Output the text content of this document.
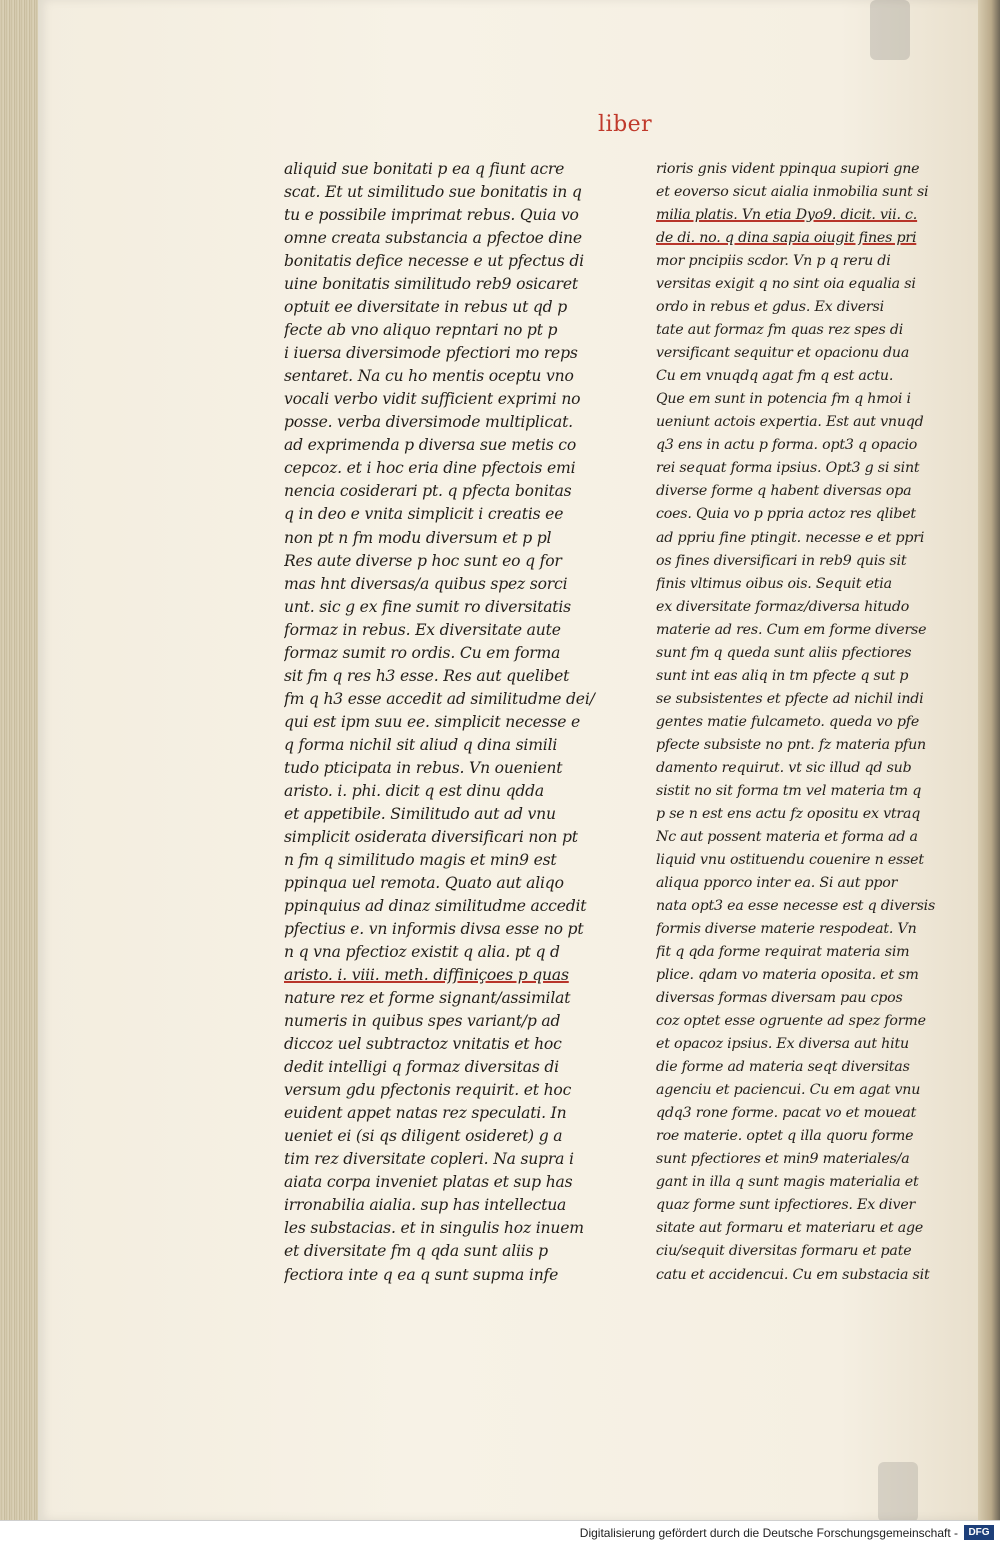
liber
aliquid sue bonitati p ea q fiunt acre
scat. Et ut similitudo sue bonitatis in q
tu e possibile imprimat rebus. Quia vo
omne creata substancia a pfectoe dine
bonitatis defice necesse e ut pfectus di
uine bonitatis similitudo reb9 osicaret
optuit ee diversitate in rebus ut qd p
fecte ab vno aliquo repntari no pt p
i iuersa diversimode pfectiori mo reps
sentaret. Na cu ho mentis oceptu vno
vocali verbo vidit sufficient exprimi no
posse. verba diversimode multiplicat.
ad exprimenda p diversa sue metis co
cepcoz. et i hoc eria dine pfectois emi
nencia cosiderari pt. q pfecta bonitas
q in deo e vnita simplicit i creatis ee
non pt n fm modu diversum et p pl
Res aute diverse p hoc sunt eo q for
mas hnt diversas/a quibus spez sorci
unt. sic g ex fine sumit ro diversitatis
formaz in rebus. Ex diversitate aute
formaz sumit ro ordis. Cu em forma
sit fm q res h3 esse. Res aut quelibet
fm q h3 esse accedit ad similitudme dei/
qui est ipm suu ee. simplicit necesse e
q forma nichil sit aliud q dina simili
tudo pticipata in rebus. Vn ouenient
aristo. i. phi. dicit q est dinu qdda
et appetibile. Similitudo aut ad vnu
simplicit osiderata diversificari non pt
n fm q similitudo magis et min9 est
ppinqua uel remota. Quato aut aliqo
ppinquius ad dinaz similitudme accedit
pfectius e. vn informis divsa esse no pt
n q vna pfectioz existit q alia. pt q d
aristo. i. viii. meth. diffiniçoes p quas
nature rez et forme signant/assimilat
numeris in quibus spes variant/p ad
diccoz uel subtractoz vnitatis et hoc
dedit intelligi q formaz diversitas di
versum gdu pfectonis requirit. et hoc
euident appet natas rez speculati. In
ueniet ei (si qs diligent osideret) g a
tim rez diversitate copleri. Na supra i
aiata corpa inveniet platas et sup has
irronabilia aialia. sup has intellectua
les substacias. et in singulis hoz inuem
et diversitate fm q qda sunt aliis p
fectiora inte q ea q sunt supma infe
rioris gnis vident ppinqua supiori gne
et eoverso sicut aialia inmobilia sunt si
milia platis. Vn etia Dyo9. dicit. vii. c.
de di. no. q dina sapia oiugit fines pri
mor pncipiis scdor. Vn p q reru di
versitas exigit q no sint oia equalia si
ordo in rebus et gdus. Ex diversi
tate aut formaz fm quas rez spes di
versificant sequitur et opacionu dua
Cu em vnuqdq agat fm q est actu.
Que em sunt in potencia fm q hmoi i
ueniunt actois expertia. Est aut vnuqd
q3 ens in actu p forma. opt3 q opacio
rei sequat forma ipsius. Opt3 g si sint
diverse forme q habent diversas opa
coes. Quia vo p ppria actoz res qlibet
ad ppriu fine ptingit. necesse e et ppri
os fines diversificari in reb9 quis sit
finis vltimus oibus ois. Sequit etia
ex diversitate formaz/diversa hitudo
materie ad res. Cum em forme diverse
sunt fm q queda sunt aliis pfectiores
sunt int eas aliq in tm pfecte q sut p
se subsistentes et pfecte ad nichil indi
gentes matie fulcameto. queda vo pfe
pfecte subsiste no pnt. fz materia pfun
damento requirut. vt sic illud qd sub
sistit no sit forma tm vel materia tm q
p se n est ens actu fz opositu ex vtraq
Nc aut possent materia et forma ad a
liquid vnu ostituendu couenire n esset
aliqua pporco inter ea. Si aut ppor
nata opt3 ea esse necesse est q diversis
formis diverse materie respodeat. Vn
fit q qda forme requirat materia sim
plice. qdam vo materia oposita. et sm
diversas formas diversam pau cpos
coz optet esse ogruente ad spez forme
et opacoz ipsius. Ex diversa aut hitu
die forme ad materia seqt diversitas
agenciu et paciencui. Cu em agat vnu
qdq3 rone forme. pacat vo et moueat
roe materie. optet q illa quoru forme
sunt pfectiores et min9 materiales/a
gant in illa q sunt magis materialia et
quaz forme sunt ipfectiores. Ex diver
sitate aut formaru et materiaru et age
ciu/sequit diversitas formaru et pate
catu et accidencui. Cu em substacia sit
Digitalisierung gefördert durch die Deutsche Forschungsgemeinschaft -	DFG
